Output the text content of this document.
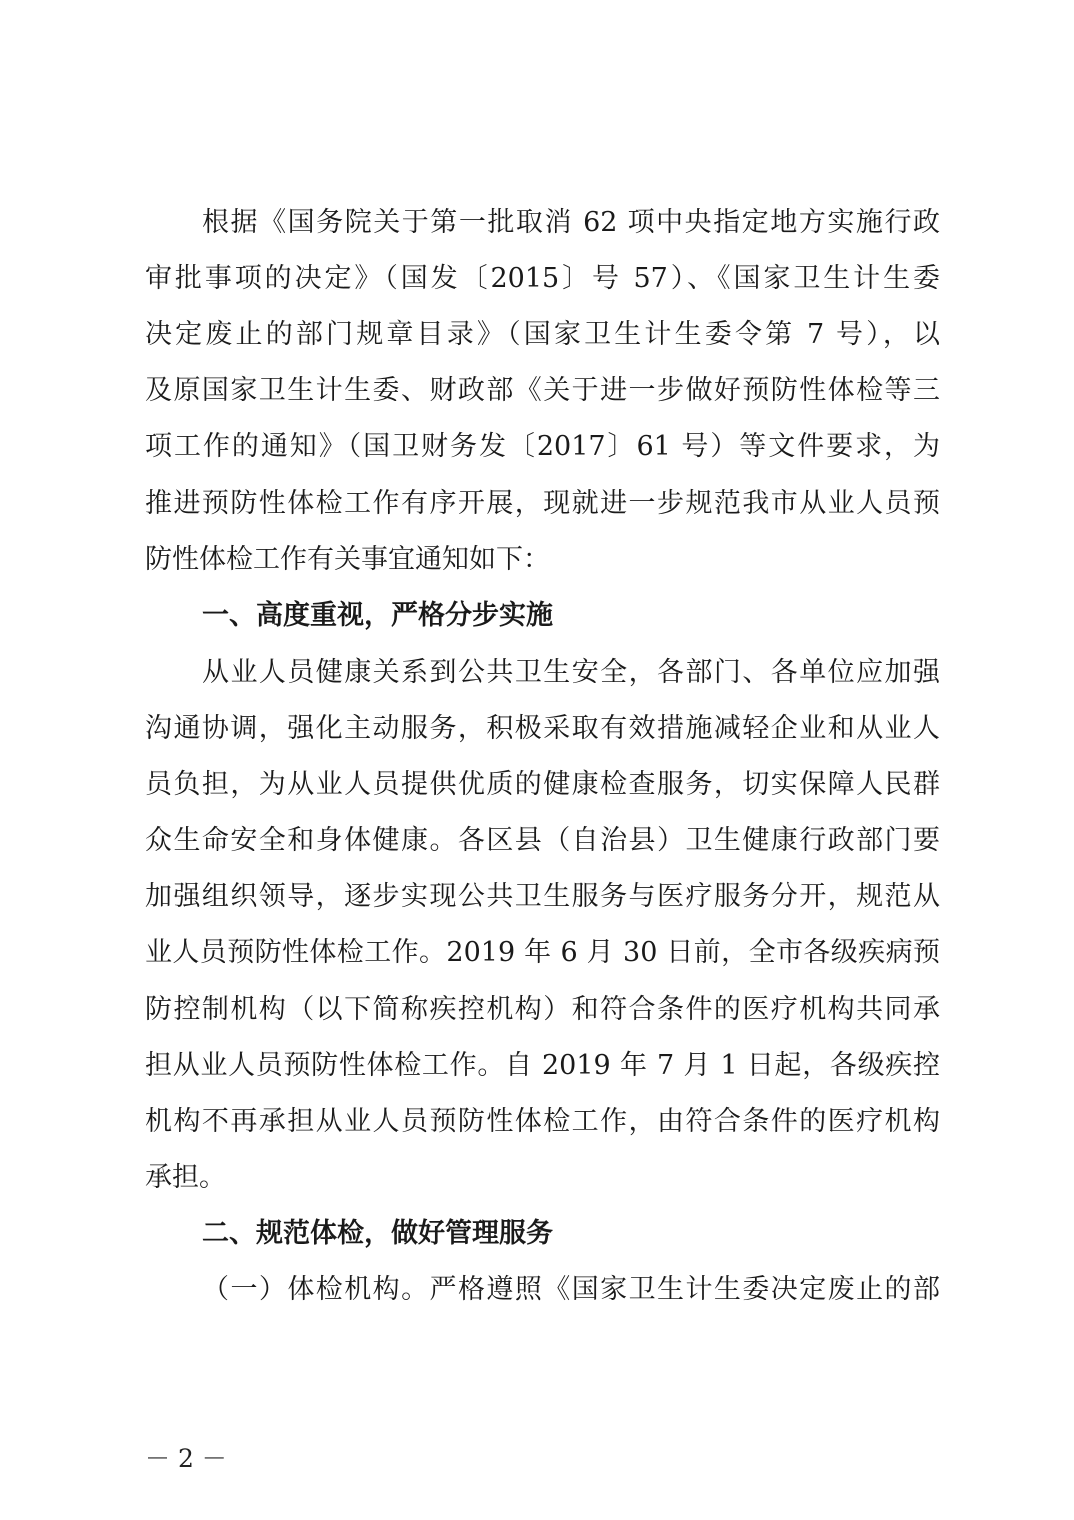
根据《国务院关于第一批取消 62 项中央指定地方实施行政
审批事项的决定》（国发〔2015〕号 57）、《国家卫生计生委
决定废止的部门规章目录》（国家卫生计生委令第 7 号），以
及原国家卫生计生委、财政部《关于进一步做好预防性体检等三
项工作的通知》（国卫财务发〔2017〕61 号）等文件要求，为
推进预防性体检工作有序开展，现就进一步规范我市从业人员预
防性体检工作有关事宜通知如下：
一、高度重视，严格分步实施
从业人员健康关系到公共卫生安全，各部门、各单位应加强
沟通协调，强化主动服务，积极采取有效措施减轻企业和从业人
员负担，为从业人员提供优质的健康检查服务，切实保障人民群
众生命安全和身体健康。各区县（自治县）卫生健康行政部门要
加强组织领导，逐步实现公共卫生服务与医疗服务分开，规范从
业人员预防性体检工作。2019 年 6 月 30 日前，全市各级疾病预
防控制机构（以下简称疾控机构）和符合条件的医疗机构共同承
担从业人员预防性体检工作。自 2019 年 7 月 1 日起，各级疾控
机构不再承担从业人员预防性体检工作，由符合条件的医疗机构
承担。
二、规范体检，做好管理服务
（一）体检机构。严格遵照《国家卫生计生委决定废止的部
－ 2 －
